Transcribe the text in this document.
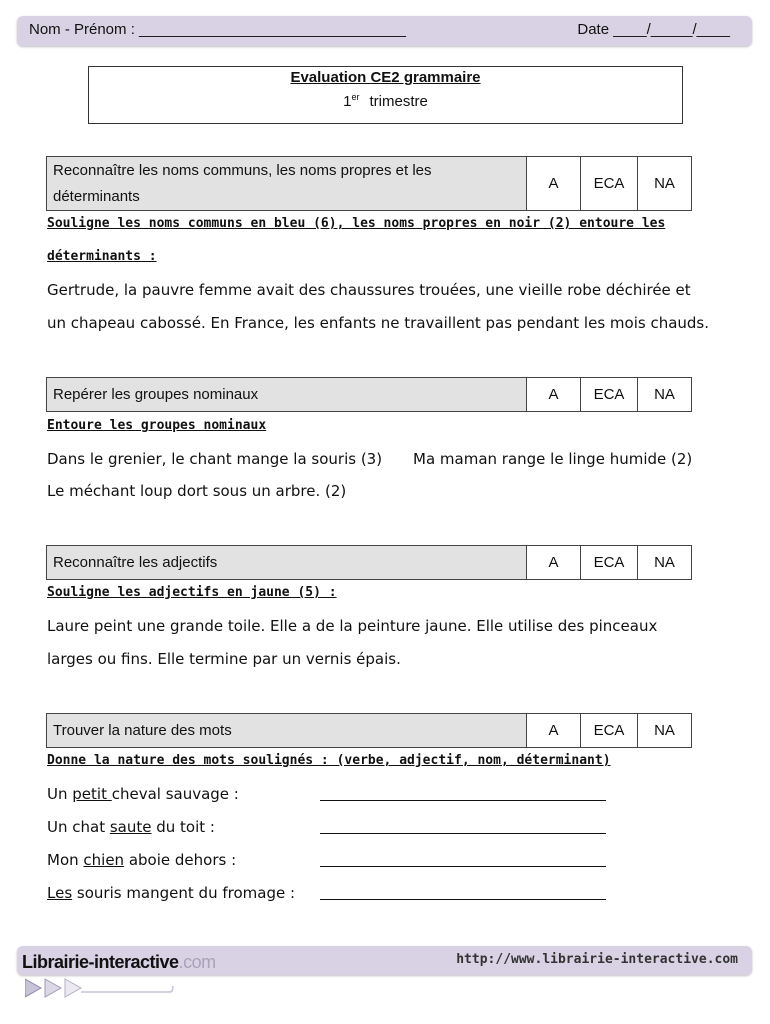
Nom - Prénom : ________________________________	Date ____/_____/____
Evaluation CE2 grammaire
1er trimestre
Reconnaître les noms communs, les noms propres et les
déterminants
	A	ECA	NA
Souligne les noms communs en bleu (6), les noms propres en noir (2) entoure les
déterminants :
Gertrude, la pauvre femme avait des chaussures trouées, une vieille robe déchirée et
un chapeau cabossé. En France, les enfants ne travaillent pas pendant les mois chauds.
Repérer les groupes nominaux	A	ECA	NA
Entoure les groupes nominaux
Dans le grenier, le chant mange la souris (3) Ma maman range le linge humide (2)
Le méchant loup dort sous un arbre. (2)
Reconnaître les adjectifs	A	ECA	NA
Souligne les adjectifs en jaune (5) :
Laure peint une grande toile. Elle a de la peinture jaune. Elle utilise des pinceaux
larges ou fins. Elle termine par un vernis épais.
Trouver la nature des mots	A	ECA	NA
Donne la nature des mots soulignés : (verbe, adjectif, nom, déterminant)
Un petit cheval sauvage :
Un chat saute du toit :
Mon chien aboie dehors :
Les souris mangent du fromage :
http://www.librairie-interactive.com
Librairie-interactive.com
